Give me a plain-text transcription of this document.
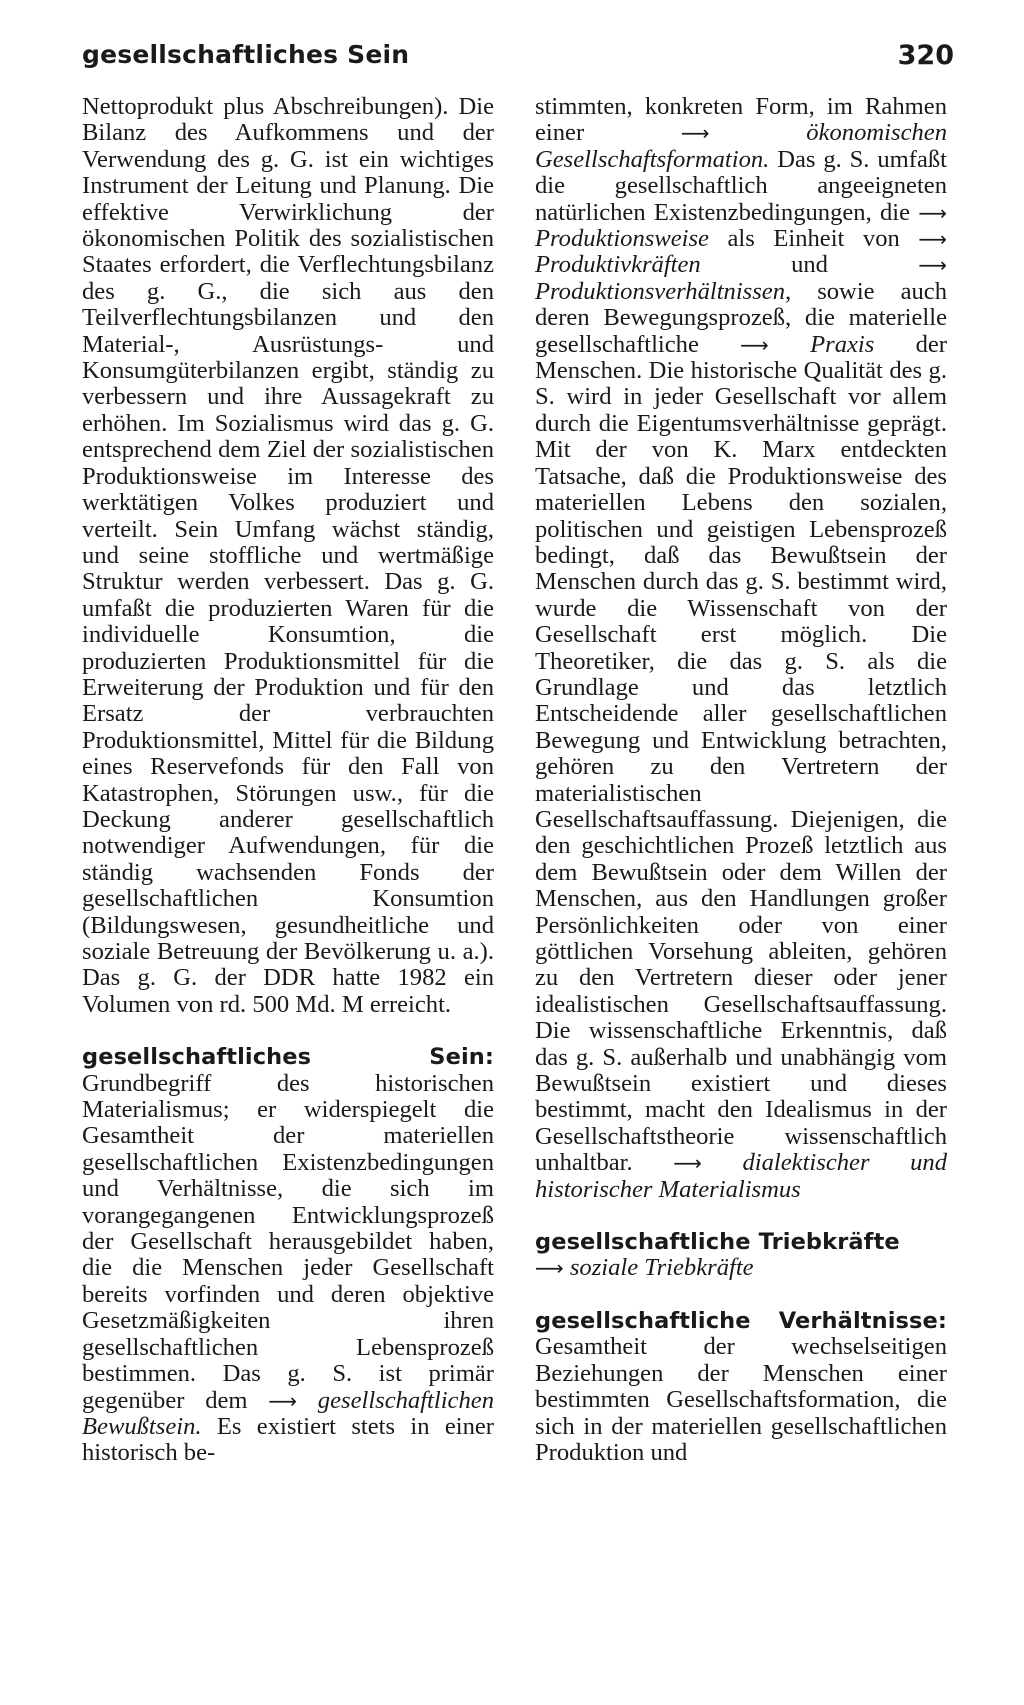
gesellschaftliches Sein	320

Nettoprodukt plus Abschreibungen). Die Bilanz des Aufkommens und der Verwendung des g. G. ist ein wichtiges Instrument der Leitung und Planung. Die effektive Verwirklichung der ökonomischen Politik des sozialistischen Staates erfordert, die Verflechtungsbilanz des g. G., die sich aus den Teilverflechtungsbilanzen und den Material-, Ausrüstungs- und Konsumgüterbilanzen ergibt, ständig zu verbessern und ihre Aussagekraft zu erhöhen. Im Sozialismus wird das g. G. entsprechend dem Ziel der sozialistischen Produktionsweise im Interesse des werktätigen Volkes produziert und verteilt. Sein Umfang wächst ständig, und seine stoffliche und wertmäßige Struktur werden verbessert. Das g. G. umfaßt die produzierten Waren für die individuelle Konsumtion, die produzierten Produktionsmittel für die Erweiterung der Produktion und für den Ersatz der verbrauchten Produktionsmittel, Mittel für die Bildung eines Reservefonds für den Fall von Katastrophen, Störungen usw., für die Deckung anderer gesellschaftlich notwendiger Aufwendungen, für die ständig wachsenden Fonds der gesellschaftlichen Konsumtion (Bildungswesen, gesundheitliche und soziale Betreuung der Bevölkerung u. a.). Das g. G. der DDR hatte 1982 ein Volumen von rd. 500 Md. M erreicht.

gesellschaftliches Sein: Grundbegriff des historischen Materialismus; er widerspiegelt die Gesamtheit der materiellen gesellschaftlichen Existenzbedingungen und Verhältnisse, die sich im vorangegangenen Entwicklungsprozeß der Gesellschaft herausgebildet haben, die die Menschen jeder Gesellschaft bereits vorfinden und deren objektive Gesetzmäßigkeiten ihren gesellschaftlichen Lebensprozeß bestimmen. Das g. S. ist primär gegenüber dem ⟶ gesellschaftlichen Bewußtsein. Es existiert stets in einer historisch be-

stimmten, konkreten Form, im Rahmen einer	⟶	ökonomischen Gesellschaftsformation. Das g. S. umfaßt die gesellschaftlich angeeigneten natürlichen Existenzbedingungen, die ⟶ Produktionsweise als Einheit von ⟶ Produktivkräften	und	⟶ Produktionsverhältnissen, sowie auch deren Bewegungsprozeß, die materielle gesellschaftliche ⟶ Praxis der Menschen. Die historische Qualität des g. S. wird in jeder Gesellschaft vor allem durch die Eigentumsverhältnisse geprägt. Mit der von K. Marx entdeckten Tatsache, daß die Produktionsweise des materiellen Lebens den sozialen, politischen und geistigen Lebensprozeß bedingt, daß das Bewußtsein der Menschen durch das g. S. bestimmt wird, wurde die Wissenschaft von der Gesellschaft erst möglich. Die Theoretiker, die das g. S. als die Grundlage und das letztlich Entscheidende aller gesellschaftlichen Bewegung und Entwicklung betrachten, gehören zu den Vertretern der materialistischen Gesellschaftsauffassung. Diejenigen, die den geschichtlichen Prozeß letztlich aus dem Bewußtsein oder dem Willen der Menschen, aus den Handlungen großer Persönlichkeiten oder von einer göttlichen Vorsehung ableiten, gehören zu den Vertretern dieser oder jener idealistischen Gesellschaftsauffassung. Die wissenschaftliche Erkenntnis, daß das g. S. außerhalb und unabhängig vom Bewußtsein existiert und dieses bestimmt, macht den Idealismus in der Gesellschaftstheorie wissenschaftlich unhaltbar. ⟶ dialektischer und historischer Materialismus

gesellschaftliche Triebkräfte
⟶ soziale Triebkräfte

gesellschaftliche Verhältnisse: Gesamtheit der wechselseitigen Beziehungen der Menschen einer bestimmten Gesellschaftsformation, die sich in der materiellen gesellschaftlichen Produktion und
